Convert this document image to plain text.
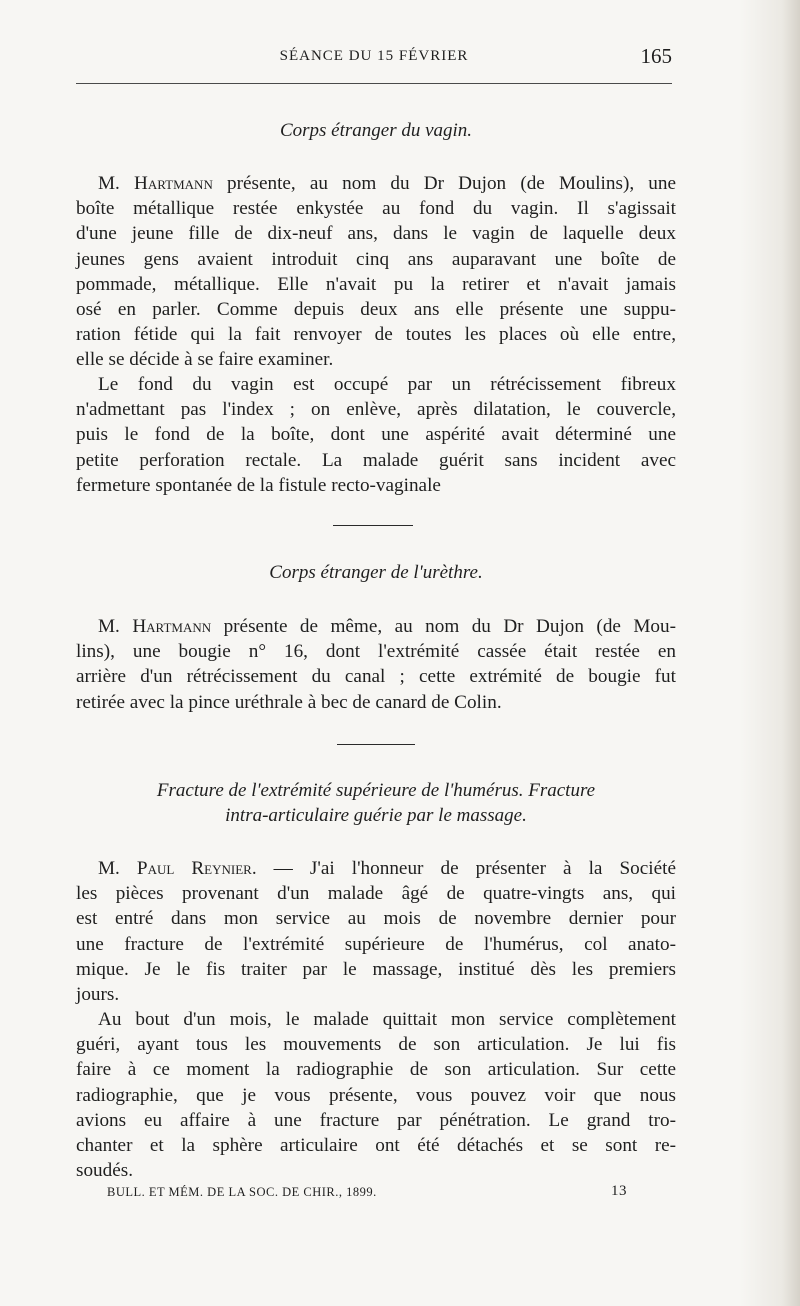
SÉANCE DU 15 FÉVRIER	165
Corps étranger du vagin.
M. Hartmann présente, au nom du Dr Dujon (de Moulins), une
boîte métallique restée enkystée au fond du vagin. Il s'agissait
d'une jeune fille de dix-neuf ans, dans le vagin de laquelle deux
jeunes gens avaient introduit cinq ans auparavant une boîte de
pommade, métallique. Elle n'avait pu la retirer et n'avait jamais
osé en parler. Comme depuis deux ans elle présente une suppu-
ration fétide qui la fait renvoyer de toutes les places où elle entre,
elle se décide à se faire examiner.
Le fond du vagin est occupé par un rétrécissement fibreux
n'admettant pas l'index ; on enlève, après dilatation, le couvercle,
puis le fond de la boîte, dont une aspérité avait déterminé une
petite perforation rectale. La malade guérit sans incident avec
fermeture spontanée de la fistule recto-vaginale
Corps étranger de l'urèthre.
M. Hartmann présente de même, au nom du Dr Dujon (de Mou-
lins), une bougie n° 16, dont l'extrémité cassée était restée en
arrière d'un rétrécissement du canal ; cette extrémité de bougie fut
retirée avec la pince uréthrale à bec de canard de Colin.
Fracture de l'extrémité supérieure de l'humérus. Fracture
intra-articulaire guérie par le massage.
M. Paul Reynier. — J'ai l'honneur de présenter à la Société
les pièces provenant d'un malade âgé de quatre-vingts ans, qui
est entré dans mon service au mois de novembre dernier pour
une fracture de l'extrémité supérieure de l'humérus, col anato-
mique. Je le fis traiter par le massage, institué dès les premiers
jours.
Au bout d'un mois, le malade quittait mon service complètement
guéri, ayant tous les mouvements de son articulation. Je lui fis
faire à ce moment la radiographie de son articulation. Sur cette
radiographie, que je vous présente, vous pouvez voir que nous
avions eu affaire à une fracture par pénétration. Le grand tro-
chanter et la sphère articulaire ont été détachés et se sont re-
soudés.
BULL. ET MÉM. DE LA SOC. DE CHIR., 1899.	13
